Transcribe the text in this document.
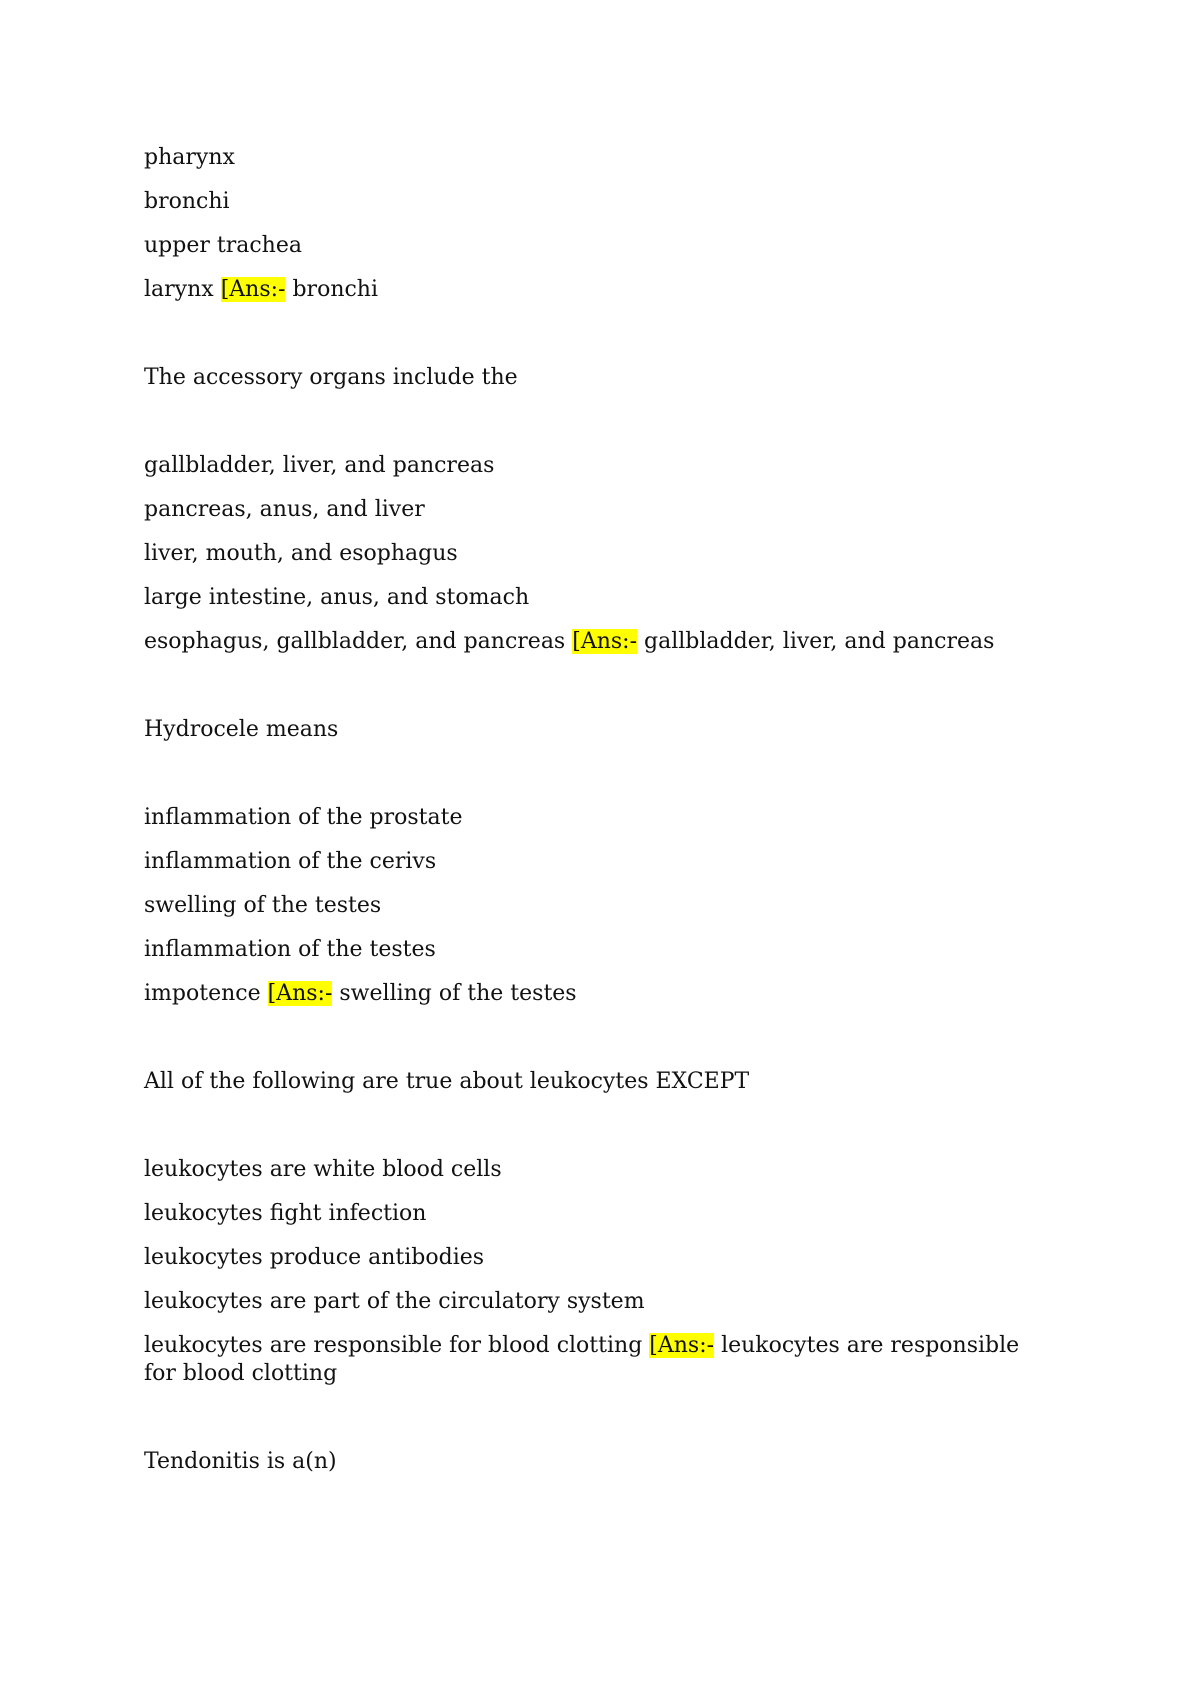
pharynx
bronchi
upper trachea
larynx [Ans:- bronchi
The accessory organs include the
gallbladder, liver, and pancreas
pancreas, anus, and liver
liver, mouth, and esophagus
large intestine, anus, and stomach
esophagus, gallbladder, and pancreas [Ans:- gallbladder, liver, and pancreas
Hydrocele means
inflammation of the prostate
inflammation of the cerivs
swelling of the testes
inflammation of the testes
impotence [Ans:- swelling of the testes
All of the following are true about leukocytes EXCEPT
leukocytes are white blood cells
leukocytes fight infection
leukocytes produce antibodies
leukocytes are part of the circulatory system
leukocytes are responsible for blood clotting [Ans:- leukocytes are responsible for blood clotting
Tendonitis is a(n)
